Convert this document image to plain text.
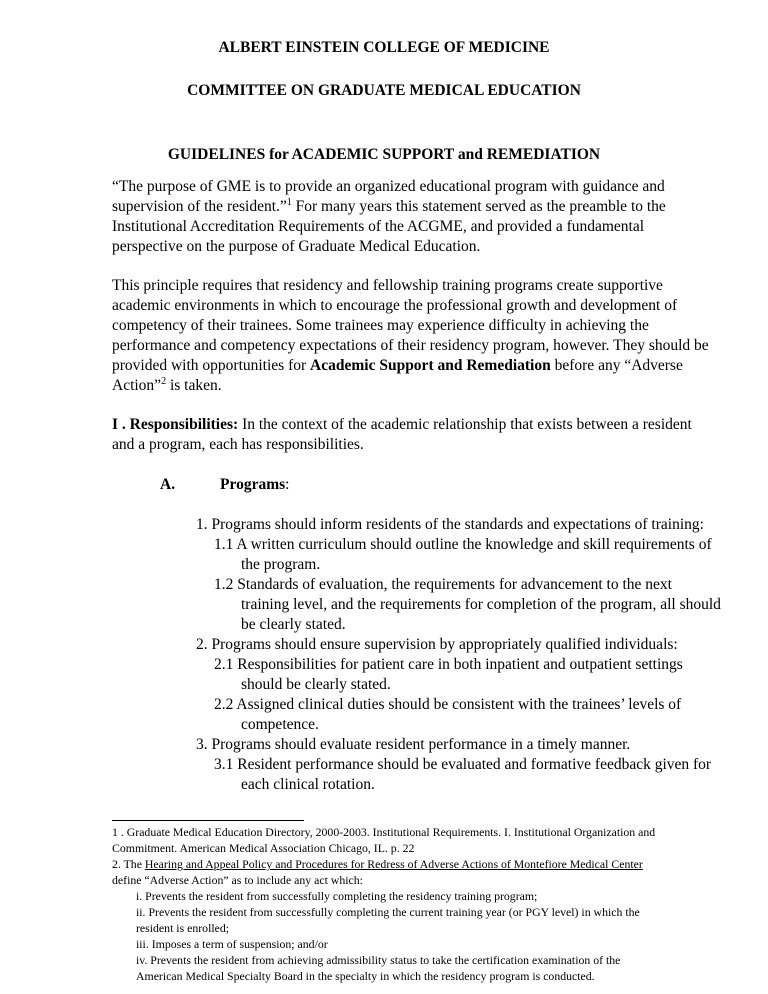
ALBERT EINSTEIN COLLEGE OF MEDICINE
COMMITTEE ON GRADUATE MEDICAL EDUCATION
GUIDELINES for ACADEMIC SUPPORT and REMEDIATION
“The purpose of GME is to provide an organized educational program with guidance and
supervision of the resident.”$^1$ For many years this statement served as the preamble to the
Institutional Accreditation Requirements of the ACGME, and provided a fundamental
perspective on the purpose of Graduate Medical Education.
This principle requires that residency and fellowship training programs create supportive
academic environments in which to encourage the professional growth and development of
competency of their trainees. Some trainees may experience difficulty in achieving the
performance and competency expectations of their residency program, however. They should be
provided with opportunities for Academic Support and Remediation before any “Adverse
Action”$^2$ is taken.
I . Responsibilities: In the context of the academic relationship that exists between a resident
and a program, each has responsibilities.
A.	Programs:
1. Programs should inform residents of the standards and expectations of training:
1.1 A written curriculum should outline the knowledge and skill requirements of
the program.
1.2 Standards of evaluation, the requirements for advancement to the next
training level, and the requirements for completion of the program, all should
be clearly stated.
2. Programs should ensure supervision by appropriately qualified individuals:
2.1 Responsibilities for patient care in both inpatient and outpatient settings
should be clearly stated.
2.2 Assigned clinical duties should be consistent with the trainees’ levels of
competence.
3. Programs should evaluate resident performance in a timely manner.
3.1 Resident performance should be evaluated and formative feedback given for
each clinical rotation.
1 . Graduate Medical Education Directory, 2000-2003. Institutional Requirements. I. Institutional Organization and
Commitment. American Medical Association Chicago, IL. p. 22
2. The Hearing and Appeal Policy and Procedures for Redress of Adverse Actions of Montefiore Medical Center
define “Adverse Action” as to include any act which:
i. Prevents the resident from successfully completing the residency training program;
ii. Prevents the resident from successfully completing the current training year (or PGY level) in which the
resident is enrolled;
iii. Imposes a term of suspension; and/or
iv. Prevents the resident from achieving admissibility status to take the certification examination of the
American Medical Specialty Board in the specialty in which the residency program is conducted.
